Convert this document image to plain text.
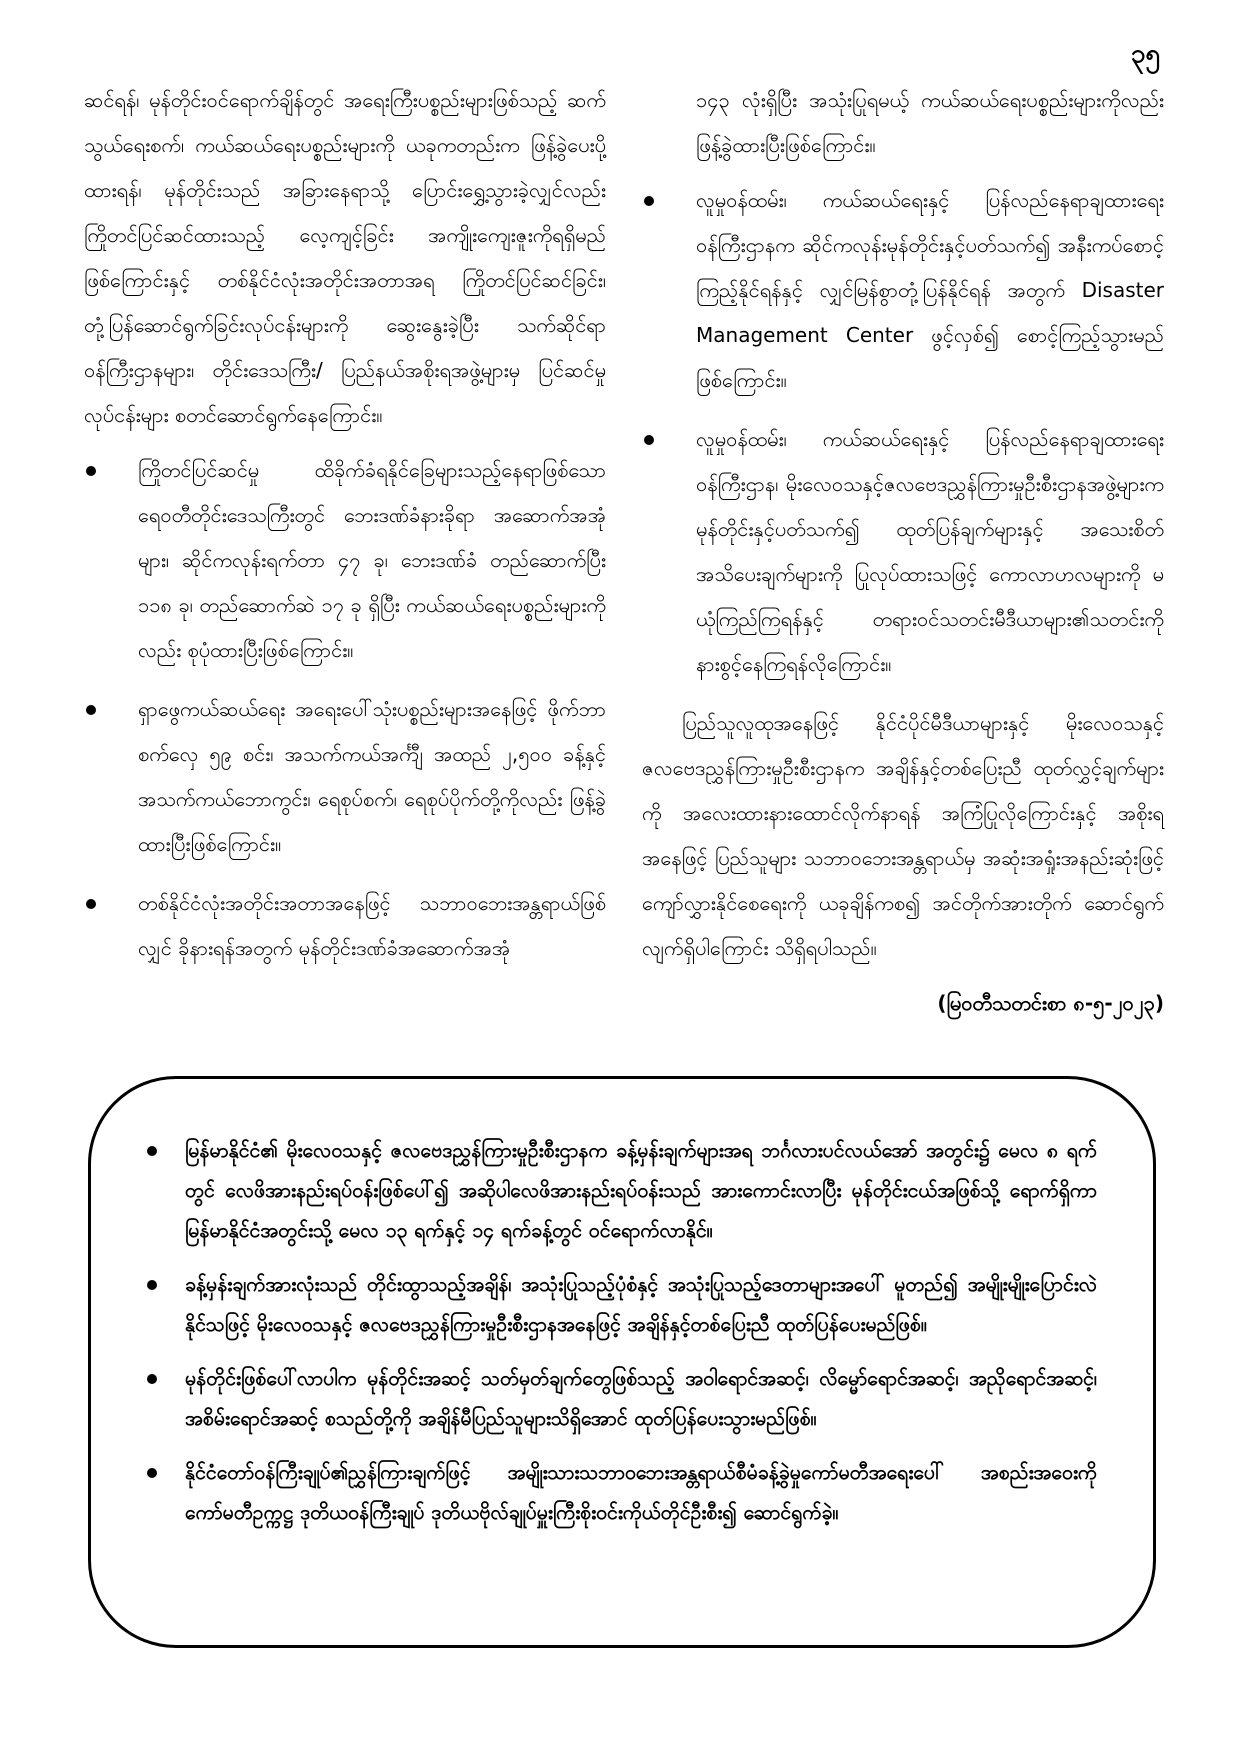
၃၅

ဆင်ရန်၊ မုန်တိုင်းဝင်ရောက်ချိန်တွင် အရေးကြီးပစ္စည်းများဖြစ်သည့် ဆက်သွယ်ရေးစက်၊ ကယ်ဆယ်ရေးပစ္စည်းများကို ယခုကတည်းက ဖြန့်ခွဲပေးပို့ထားရန်၊ မုန်တိုင်းသည် အခြားနေရာသို့ ပြောင်းရွှေ့သွားခဲ့လျှင်လည်း ကြိုတင်ပြင်ဆင်ထားသည့် လေ့ကျင့်ခြင်း အကျိုးကျေးဇူးကိုရရှိမည်ဖြစ်ကြောင်းနှင့် တစ်နိုင်ငံလုံးအတိုင်းအတာအရ ကြိုတင်ပြင်ဆင်ခြင်း၊ တုံ့ပြန်ဆောင်ရွက်ခြင်းလုပ်ငန်းများကို ဆွေးနွေးခဲ့ပြီး သက်ဆိုင်ရာဝန်ကြီးဌာနများ၊ တိုင်းဒေသကြီး/ ပြည်နယ်အစိုးရအဖွဲ့များမှ ပြင်ဆင်မှုလုပ်ငန်းများ စတင်ဆောင်ရွက်နေကြောင်း။

ကြိုတင်ပြင်ဆင်မှု ထိခိုက်ခံရနိုင်ခြေများသည့်နေရာဖြစ်သော ရေဝတီတိုင်းဒေသကြီးတွင် ဘေးဒဏ်ခံနားခိုရာ အဆောက်အအုံများ၊ ဆိုင်ကလုန်းရက်တာ ၄၇ ခု၊ ဘေးဒဏ်ခံ တည်ဆောက်ပြီး ၁၁၈ ခု၊ တည်ဆောက်ဆဲ ၁၇ ခု ရှိပြီး ကယ်ဆယ်ရေးပစ္စည်းများကိုလည်း စုပုံထားပြီးဖြစ်ကြောင်း။
ရှာဖွေကယ်ဆယ်ရေး အရေးပေါ်သုံးပစ္စည်းများအနေဖြင့် ဖိုက်ဘာစက်လှေ ၅၉ စင်း၊ အသက်ကယ်အင်္ကျီ အထည် ၂,၅၀၀ ခန့်နှင့် အသက်ကယ်ဘောကွင်း၊ ရေစုပ်စက်၊ ရေစုပ်ပိုက်တို့ကိုလည်း ဖြန့်ခွဲထားပြီးဖြစ်ကြောင်း။
တစ်နိုင်ငံလုံးအတိုင်းအတာအနေဖြင့် သဘာဝဘေးအန္တရာယ်ဖြစ်လျှင် ခိုနားရန်အတွက် မုန်တိုင်းဒဏ်ခံအဆောက်အအုံ

၁၄၃ လုံးရှိပြီး အသုံးပြုရမယ့် ကယ်ဆယ်ရေးပစ္စည်းများကိုလည်း ဖြန့်ခွဲထားပြီးဖြစ်ကြောင်း။

လူမှုဝန်ထမ်း၊ ကယ်ဆယ်ရေးနှင့် ပြန်လည်နေရာချထားရေးဝန်ကြီးဌာနက ဆိုင်ကလုန်းမုန်တိုင်းနှင့်ပတ်သက်၍ အနီးကပ်စောင့်ကြည့်နိုင်ရန်နှင့် လျှင်မြန်စွာတုံ့ပြန်နိုင်ရန် အတွက် Disaster Management Center ဖွင့်လှစ်၍ စောင့်ကြည့်သွားမည်ဖြစ်ကြောင်း။
လူမှုဝန်ထမ်း၊ ကယ်ဆယ်ရေးနှင့် ပြန်လည်နေရာချထားရေးဝန်ကြီးဌာန၊ မိုးလေဝသနှင့်ဇလဗေဒညွှန်ကြားမှုဦးစီးဌာနအဖွဲ့များက မုန်တိုင်းနှင့်ပတ်သက်၍ ထုတ်ပြန်ချက်များနှင့် အသေးစိတ်အသိပေးချက်များကို ပြုလုပ်ထားသဖြင့် ကောလာဟလများကို မယုံကြည်ကြရန်နှင့် တရားဝင်သတင်းမီဒီယာများ၏သတင်းကို နားစွင့်နေကြရန်လိုကြောင်း။

ပြည်သူလူထုအနေဖြင့် နိုင်ငံပိုင်မီဒီယာများနှင့် မိုးလေဝသနှင့် ဇလဗေဒညွှန်ကြားမှုဦးစီးဌာနက အချိန်နှင့်တစ်ပြေးညီ ထုတ်လွှင့်ချက်များကို အလေးထားနားထောင်လိုက်နာရန် အကြံပြုလိုကြောင်းနှင့် အစိုးရအနေဖြင့် ပြည်သူများ သဘာဝဘေးအန္တရာယ်မှ အဆုံးအရှုံးအနည်းဆုံးဖြင့် ကျော်လွှားနိုင်စေရေးကို ယခုချိန်ကစ၍ အင်တိုက်အားတိုက် ဆောင်ရွက်လျက်ရှိပါကြောင်း သိရှိရပါသည်။

(မြဝတီသတင်းစာ ၈-၅-၂၀၂၃)
မြန်မာနိုင်ငံ၏ မိုးလေဝသနှင့် ဇလဗေဒညွှန်ကြားမှုဦးစီးဌာနက ခန့်မှန်းချက်များအရ ဘင်္ဂလားပင်လယ်အော် အတွင်း၌ မေလ ၈ ရက်တွင် လေဖိအားနည်းရပ်ဝန်းဖြစ်ပေါ်၍ အဆိုပါလေဖိအားနည်းရပ်ဝန်းသည် အားကောင်းလာပြီး မုန်တိုင်းငယ်အဖြစ်သို့ ရောက်ရှိကာ မြန်မာနိုင်ငံအတွင်းသို့ မေလ ၁၃ ရက်နှင့် ၁၄ ရက်ခန့်တွင် ဝင်ရောက်လာနိုင်။
ခန့်မှန်းချက်အားလုံးသည် တိုင်းထွာသည့်အချိန်၊ အသုံးပြုသည့်ပုံစံနှင့် အသုံးပြုသည့်ဒေတာများအပေါ် မူတည်၍ အမျိုးမျိုးပြောင်းလဲနိုင်သဖြင့် မိုးလေဝသနှင့် ဇလဗေဒညွှန်ကြားမှုဦးစီးဌာနအနေဖြင့် အချိန်နှင့်တစ်ပြေးညီ ထုတ်ပြန်ပေးမည်ဖြစ်။
မုန်တိုင်းဖြစ်ပေါ်လာပါက မုန်တိုင်းအဆင့် သတ်မှတ်ချက်တွေဖြစ်သည့် အဝါရောင်အဆင့်၊ လိမ္မော်ရောင်အဆင့်၊ အညိုရောင်အဆင့်၊ အစိမ်းရောင်အဆင့် စသည်တို့ကို အချိန်မီပြည်သူများသိရှိအောင် ထုတ်ပြန်ပေးသွားမည်ဖြစ်။
နိုင်ငံတော်ဝန်ကြီးချုပ်၏ညွှန်ကြားချက်ဖြင့် အမျိုးသားသဘာဝဘေးအန္တရာယ်စီမံခန့်ခွဲမှုကော်မတီအရေးပေါ် အစည်းအဝေးကို ကော်မတီဥက္ကဋ္ဌ ဒုတိယဝန်ကြီးချုပ် ဒုတိယဗိုလ်ချုပ်မှူးကြီးစိုးဝင်းကိုယ်တိုင်ဦးစီး၍ ဆောင်ရွက်ခဲ့။
